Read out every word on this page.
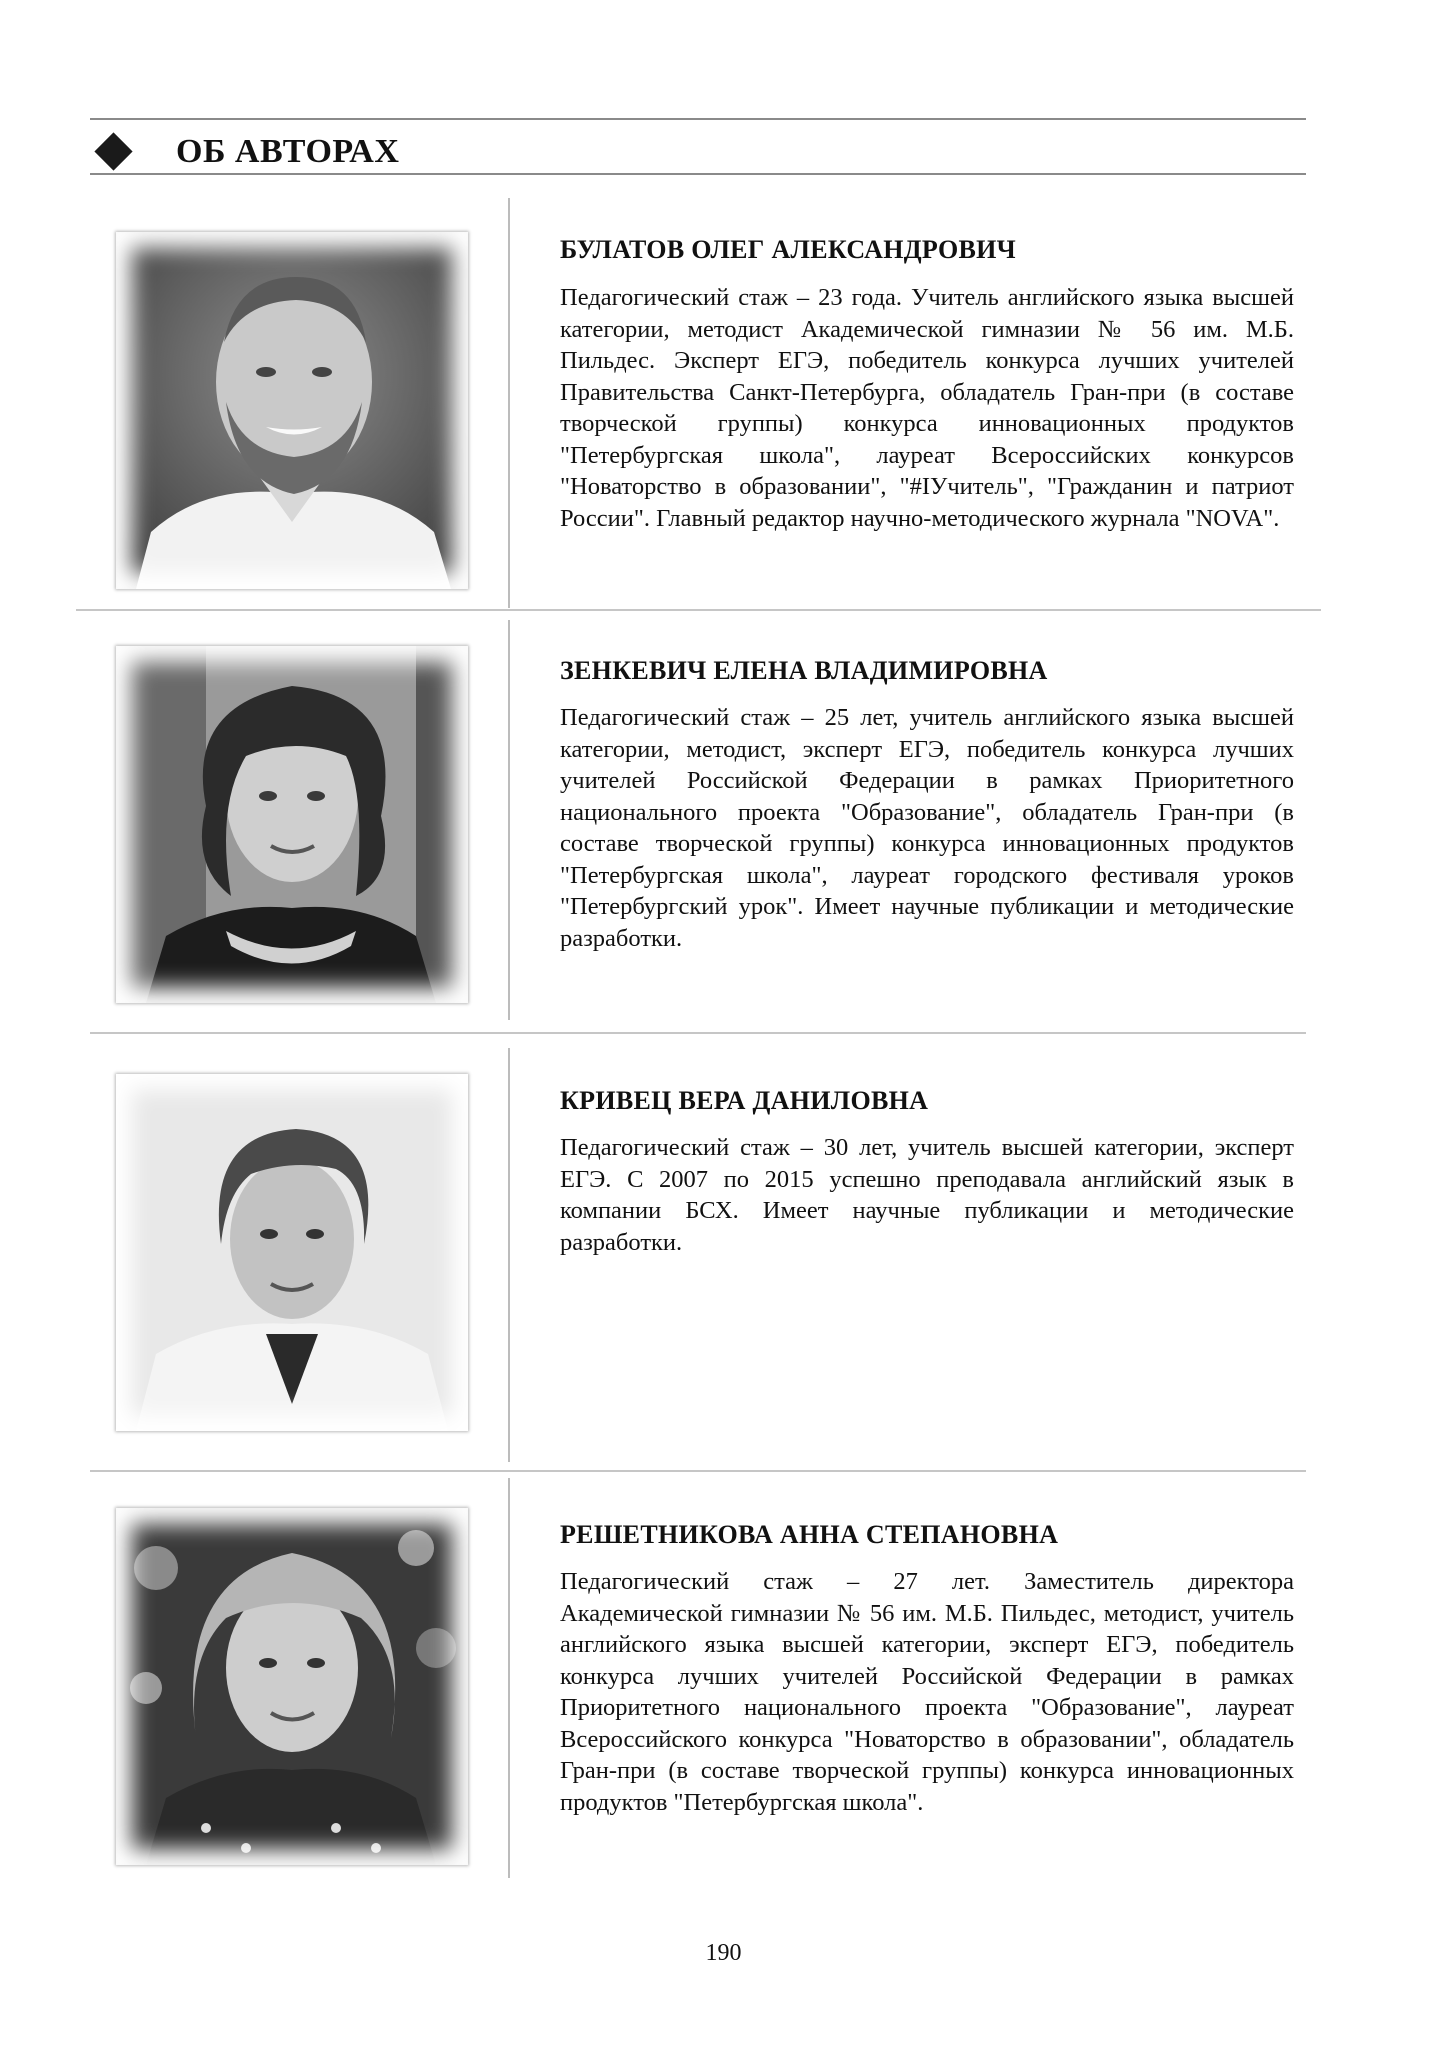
ОБ АВТОРАХ
БУЛАТОВ ОЛЕГ АЛЕКСАНДРОВИЧ
Педагогический стаж – 23 года. Учитель английского языка высшей категории, методист Академической гимназии № 56 им. М.Б. Пильдес. Эксперт ЕГЭ, победитель конкурса лучших учителей Правительства Санкт-Петербурга, обладатель Гран-при (в составе творческой группы) конкурса инновационных продуктов "Петербургская школа", лауреат Всероссийских конкурсов "Новаторство в образовании", "#IУчитель", "Гражданин и патриот России". Главный редактор научно-методического журнала "NOVA".
ЗЕНКЕВИЧ ЕЛЕНА ВЛАДИМИРОВНА
Педагогический стаж – 25 лет, учитель английского языка высшей категории, методист, эксперт ЕГЭ, победитель конкурса лучших учителей Российской Федерации в рамках Приоритетного национального проекта "Образование", обладатель Гран-при (в составе творческой группы) конкурса инновационных продуктов "Петербургская школа", лауреат городского фестиваля уроков "Петербургский урок". Имеет научные публикации и методические разработки.
КРИВЕЦ ВЕРА ДАНИЛОВНА
Педагогический стаж – 30 лет, учитель высшей категории, эксперт ЕГЭ. С 2007 по 2015 успешно преподавала английский язык в компании БСХ. Имеет научные публикации и методические разработки.
РЕШЕТНИКОВА АННА СТЕПАНОВНА
Педагогический стаж – 27 лет. Заместитель директора Академической гимназии № 56 им. М.Б. Пильдес, методист, учитель английского языка высшей категории, эксперт ЕГЭ, победитель конкурса лучших учителей Российской Федерации в рамках Приоритетного национального проекта "Образование", лауреат Всероссийского конкурса "Новаторство в образовании", обладатель Гран-при (в составе творческой группы) конкурса инновационных продуктов "Петербургская школа".
190
